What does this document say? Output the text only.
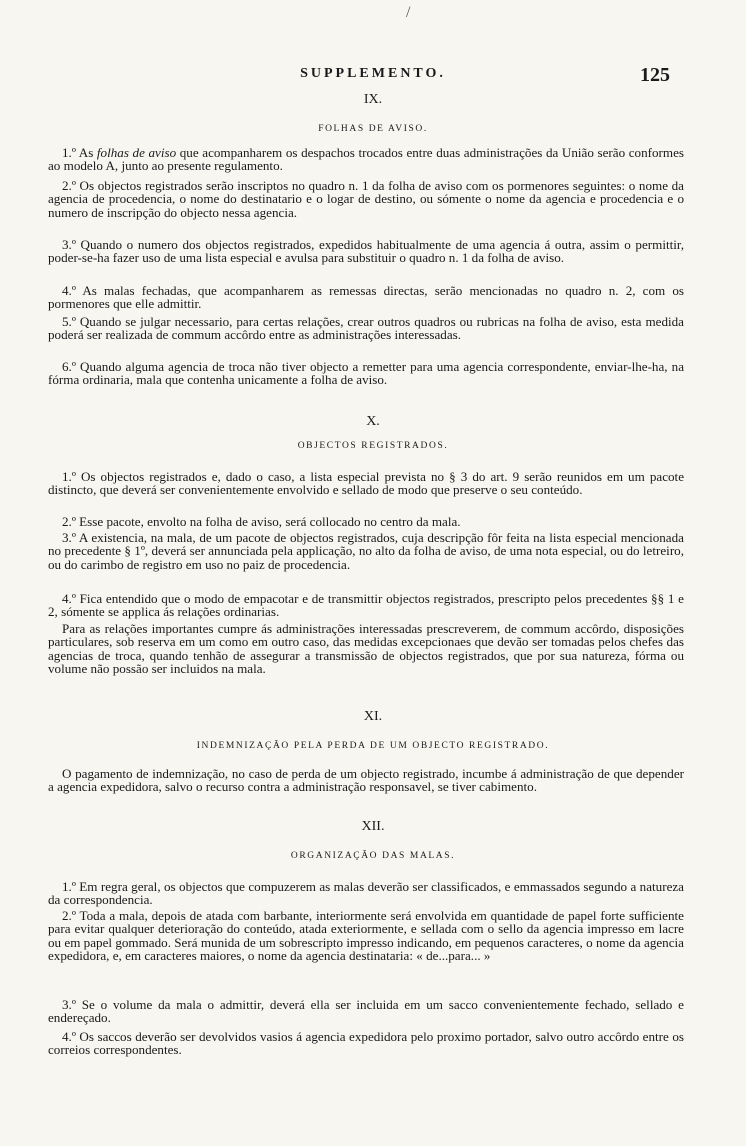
/
SUPPLEMENTO.	125
IX.
FOLHAS DE AVISO.

1.º As folhas de aviso que acompanharem os despachos trocados entre duas administrações da União serão conformes ao modelo A, junto ao presente regulamento.

2.º Os objectos registrados serão inscriptos no quadro n. 1 da folha de aviso com os pormenores seguintes: o nome da agencia de procedencia, o nome do destinatario e o logar de destino, ou sómente o nome da agencia e procedencia e o numero de inscripção do objecto nessa agencia.

3.º Quando o numero dos objectos registrados, expedidos habitualmente de uma agencia á outra, assim o permittir, poder-se-ha fazer uso de uma lista especial e avulsa para substituir o quadro n. 1 da folha de aviso.

4.º As malas fechadas, que acompanharem as remessas directas, serão mencionadas no quadro n. 2, com os pormenores que elle admittir.

5.º Quando se julgar necessario, para certas relações, crear outros quadros ou rubricas na folha de aviso, esta medida poderá ser realizada de commum accôrdo entre as administrações interessadas.

6.º Quando alguma agencia de troca não tiver objecto a remetter para uma agencia correspondente, enviar-lhe-ha, na fórma ordinaria, mala que contenha unicamente a folha de aviso.

X.
OBJECTOS REGISTRADOS.

1.º Os objectos registrados e, dado o caso, a lista especial prevista no § 3 do art. 9 serão reunidos em um pacote distincto, que deverá ser convenientemente envolvido e sellado de modo que preserve o seu conteúdo.

2.º Esse pacote, envolto na folha de aviso, será collocado no centro da mala.

3.º A existencia, na mala, de um pacote de objectos registrados, cuja descripção fôr feita na lista especial mencionada no precedente § 1º, deverá ser annunciada pela applicação, no alto da folha de aviso, de uma nota especial, ou do letreiro, ou do carimbo de registro em uso no paiz de procedencia.

4.º Fica entendido que o modo de empacotar e de transmittir objectos registrados, prescripto pelos precedentes §§ 1 e 2, sómente se applica ás relações ordinarias.

Para as relações importantes cumpre ás administrações interessadas prescreverem, de commum accôrdo, disposições particulares, sob reserva em um como em outro caso, das medidas excepcionaes que devão ser tomadas pelos chefes das agencias de troca, quando tenhão de assegurar a transmissão de objectos registrados, que por sua natureza, fórma ou volume não possão ser incluidos na mala.

XI.
INDEMNIZAÇÃO PELA PERDA DE UM OBJECTO REGISTRADO.

O pagamento de indemnização, no caso de perda de um objecto registrado, incumbe á administração de que depender a agencia expedidora, salvo o recurso contra a administração responsavel, se tiver cabimento.

XII.
ORGANIZAÇÃO DAS MALAS.

1.º Em regra geral, os objectos que compuzerem as malas deverão ser classificados, e emmassados segundo a natureza da correspondencia.

2.º Toda a mala, depois de atada com barbante, interiormente será envolvida em quantidade de papel forte sufficiente para evitar qualquer deterioração do conteúdo, atada exteriormente, e sellada com o sello da agencia impresso em lacre ou em papel gommado. Será munida de um sobrescripto impresso indicando, em pequenos caracteres, o nome da agencia expedidora, e, em caracteres maiores, o nome da agencia destinataria: « de...para... »

3.º Se o volume da mala o admittir, deverá ella ser incluida em um sacco convenientemente fechado, sellado e endereçado.

4.º Os saccos deverão ser devolvidos vasios á agencia expedidora pelo proximo portador, salvo outro accôrdo entre os correios correspondentes.
